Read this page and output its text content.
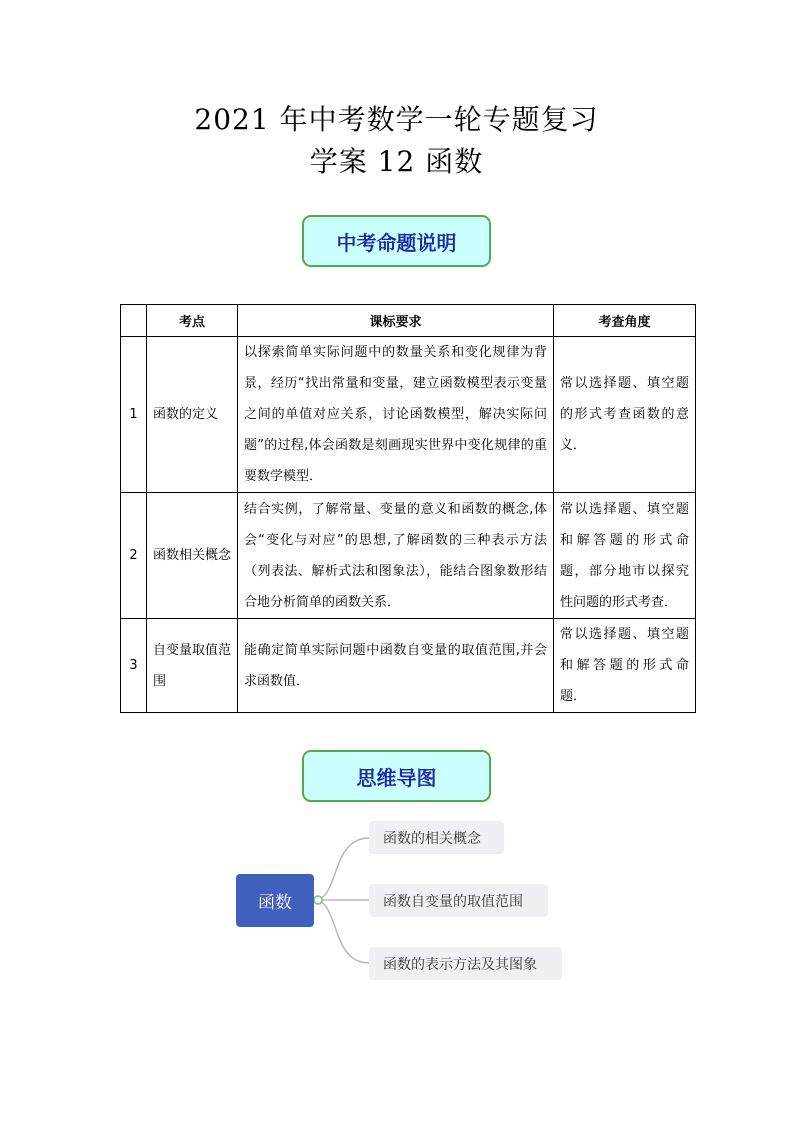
2021 年中考数学一轮专题复习
学案 12 函数
中考命题说明
	考点	课标要求	考查角度
1	函数的定义	以探索简单实际问题中的数量关系和变化规律为背景，经历“找出常量和变量，建立函数模型表示变量之间的单值对应关系，讨论函数模型，解决实际问题”的过程,体会函数是刻画现实世界中变化规律的重要数学模型．	常以选择题、填空题的形式考查函数的意义．
2	函数相关概念	结合实例，了解常量、变量的意义和函数的概念,体会“变化与对应”的思想,了解函数的三种表示方法（列表法、解析式法和图象法），能结合图象数形结合地分析简单的函数关系．	常以选择题、填空题和解答题的形式命题，部分地市以探究性问题的形式考查．
3	自变量取值范围	能确定简单实际问题中函数自变量的取值范围,并会求函数值．	常以选择题、填空题和解答题的形式命题．
思维导图
函数
函数的相关概念
函数自变量的取值范围
函数的表示方法及其图象
